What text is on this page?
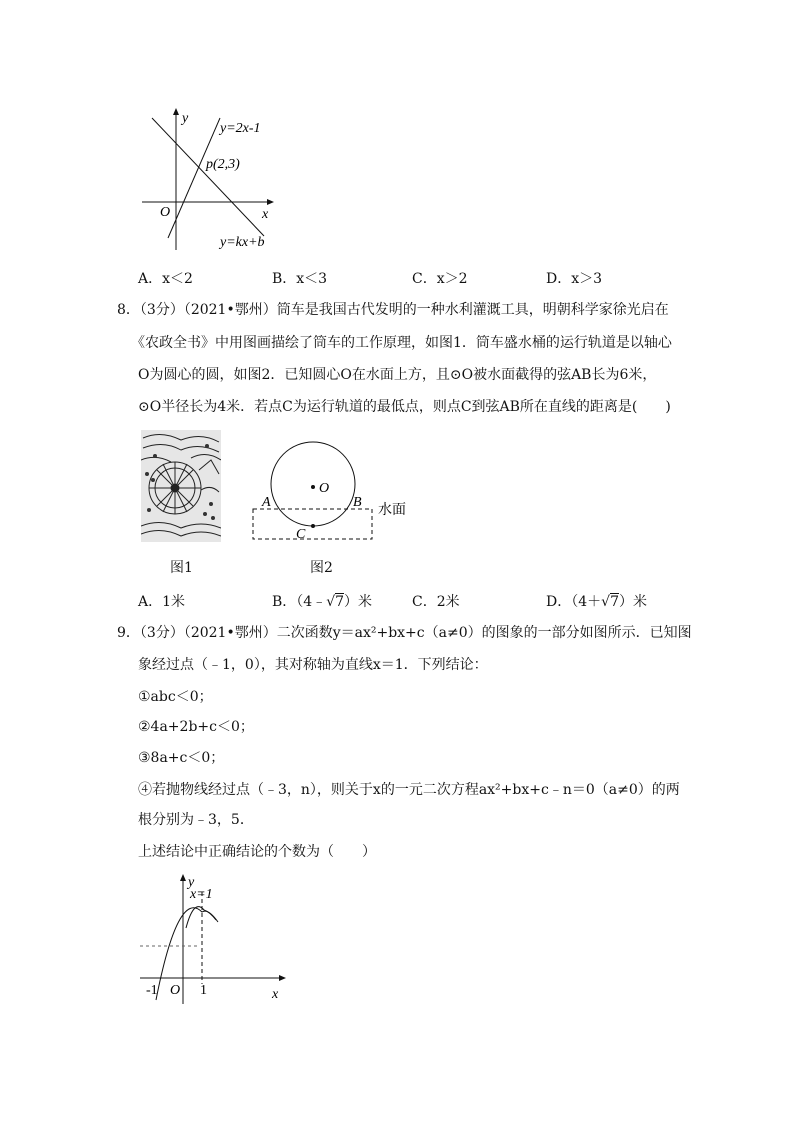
y
x
O
y=2x-1
p(2,3)
y=kx+b
A．x＜2	B．x＜3	C．x＞2	D．x＞3
8．（3分）（2021•鄂州）筒车是我国古代发明的一种水利灌溉工具，明朝科学家徐光启在
《农政全书》中用图画描绘了筒车的工作原理，如图1．筒车盛水桶的运行轨道是以轴心
O为圆心的圆，如图2．已知圆心O在水面上方，且⊙O被水面截得的弦AB长为6米，
⊙O半径长为4米．若点C为运行轨道的最低点，则点C到弦AB所在直线的距离是(　　)
O
A	B
C
水面
图1	图2
A．1米	B．（4﹣√7）米	C．2米	D．（4＋√7）米
9．（3分）（2021•鄂州）二次函数y＝ax²+bx+c（a≠0）的图象的一部分如图所示．已知图
象经过点（﹣1，0），其对称轴为直线x＝1．下列结论：
①abc＜0；
②4a+2b+c＜0；
③8a+c＜0；
④若抛物线经过点（﹣3，n），则关于x的一元二次方程ax²+bx+c﹣n＝0（a≠0）的两
根分别为﹣3，5．
上述结论中正确结论的个数为（　　）
y
x=1
-1 O 1	x
